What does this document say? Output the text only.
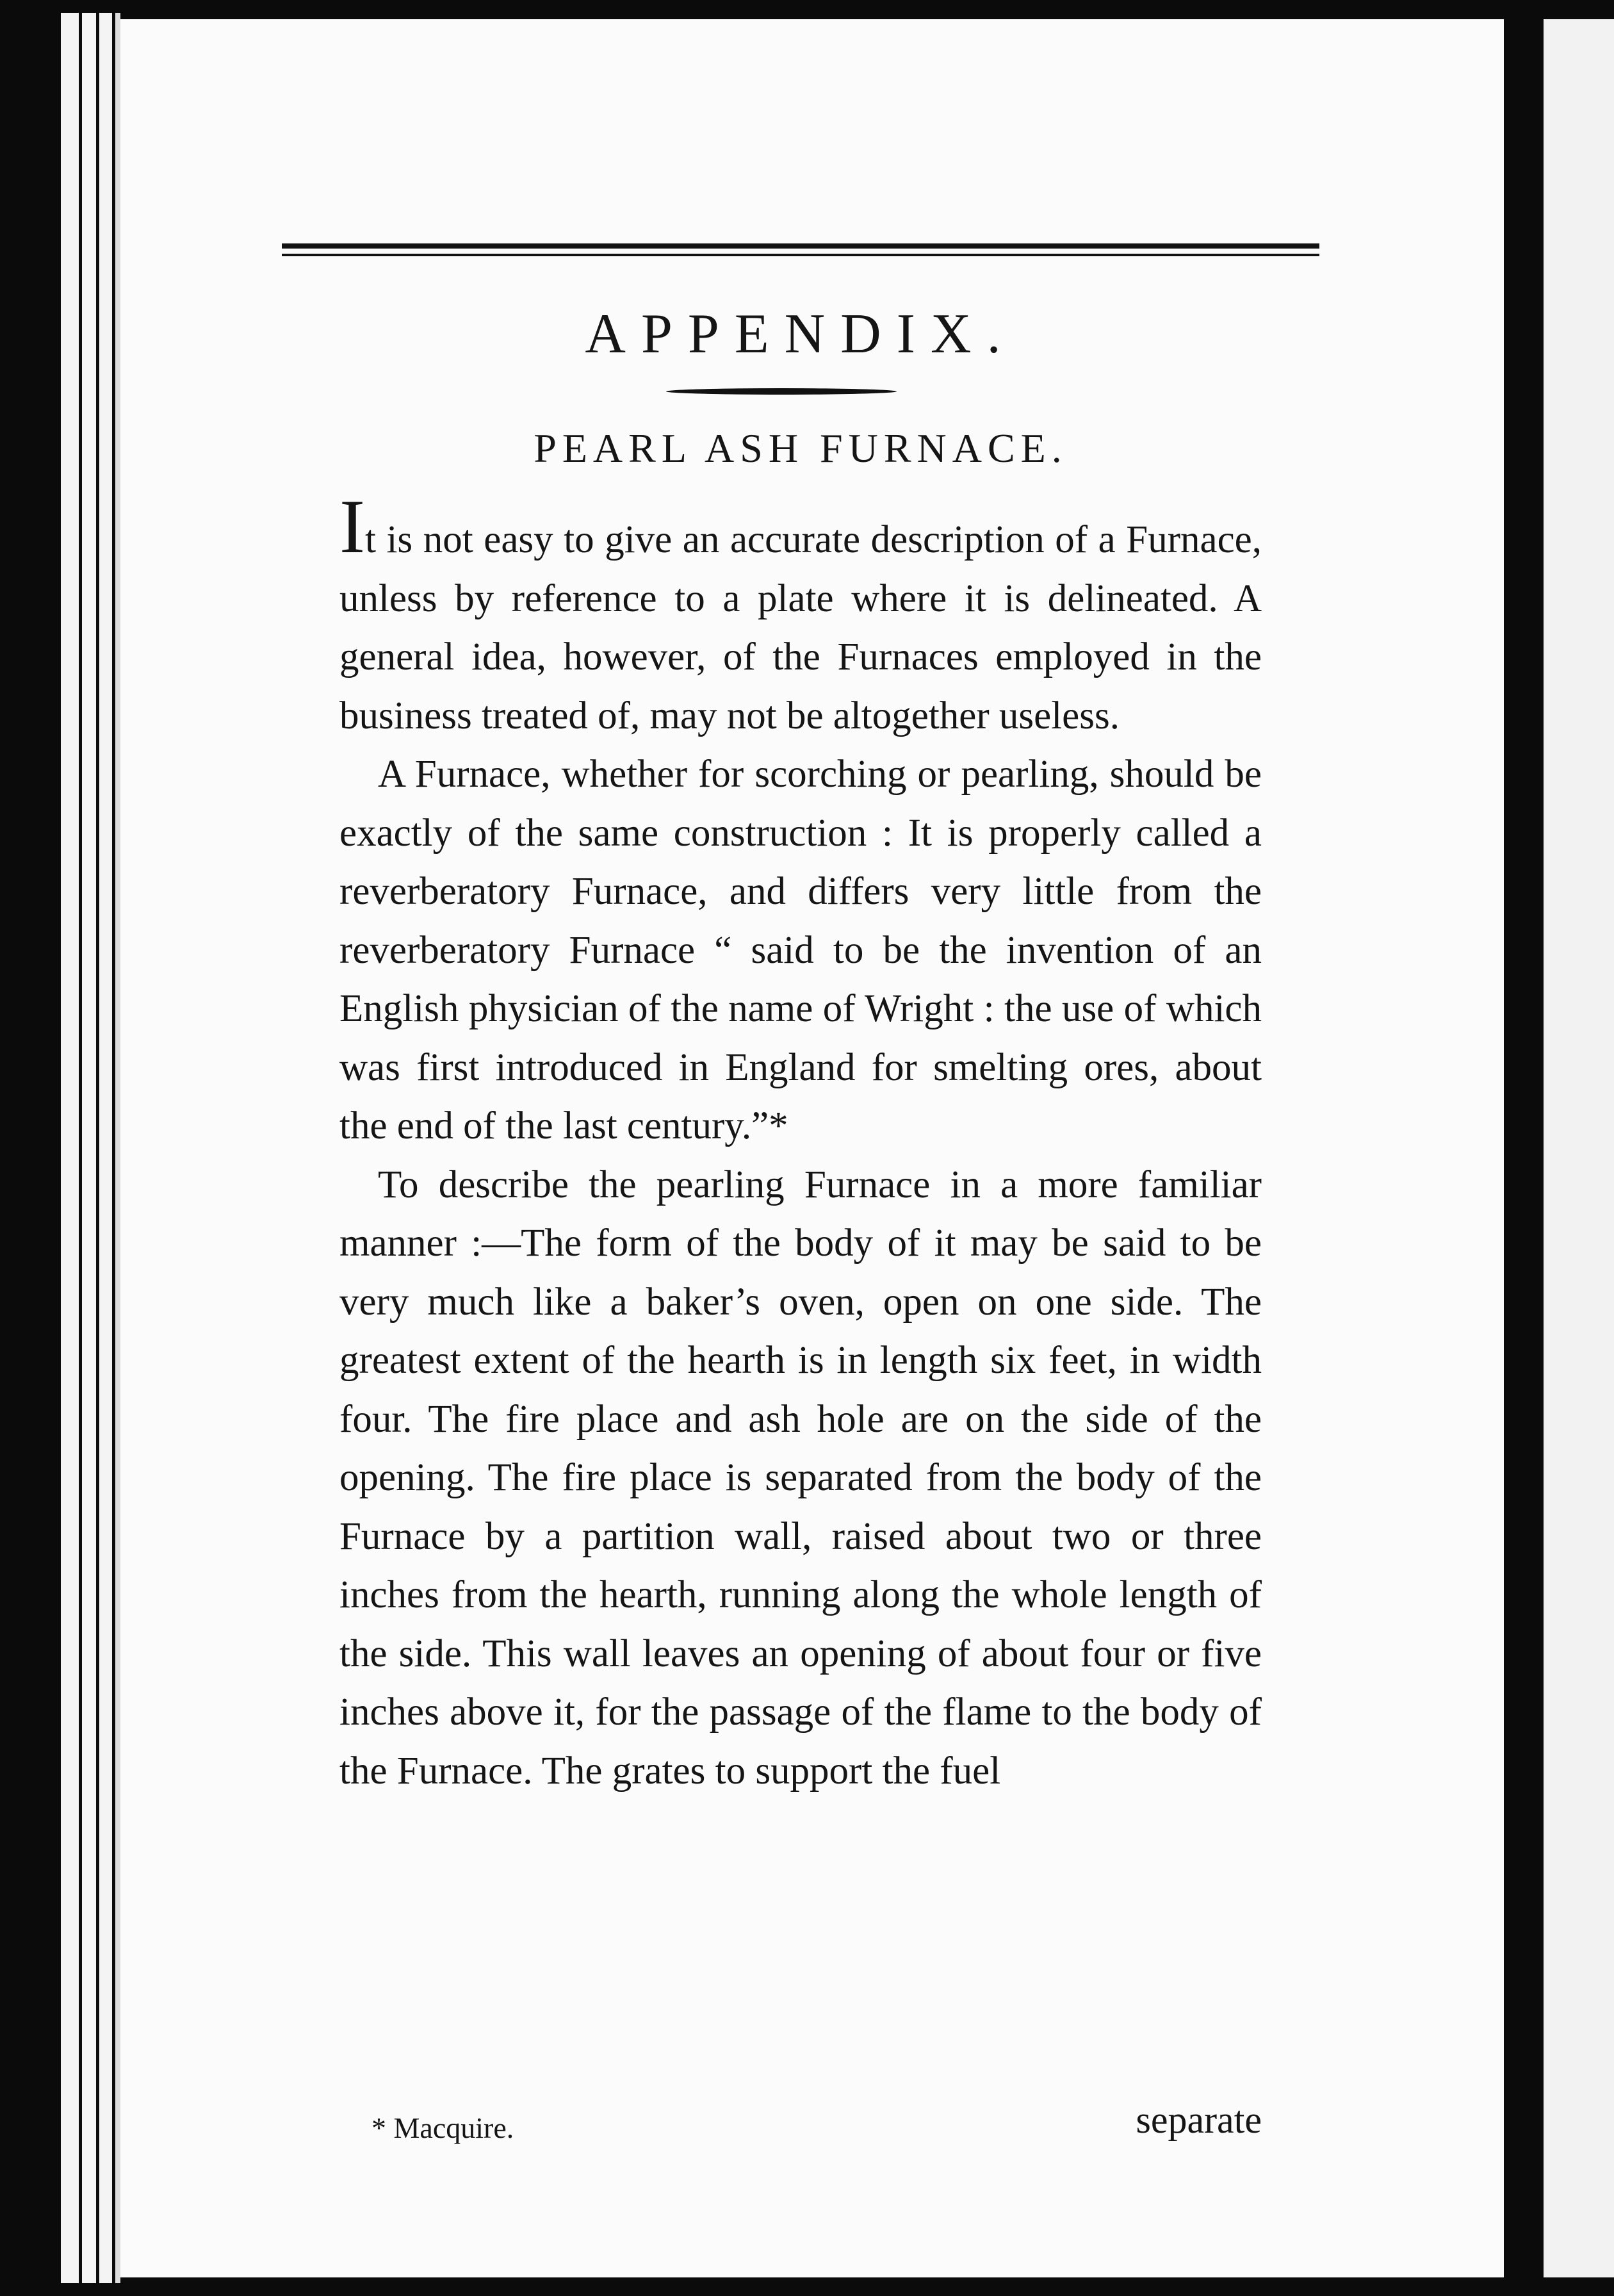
APPENDIX.
PEARL ASH FURNACE.

It is not easy to give an accurate description of a Furnace, unless by reference to a plate where it is delineated. A general idea, however, of the Furnaces employed in the business treated of, may not be altogether useless.

A Furnace, whether for scorching or pearling, should be exactly of the same construction : It is properly called a reverberatory Furnace, and differs very little from the reverberatory Furnace “ said to be the invention of an English physician of the name of Wright : the use of which was first introduced in England for smelting ores, about the end of the last century.”*

To describe the pearling Furnace in a more familiar manner :—The form of the body of it may be said to be very much like a baker’s oven, open on one side. The greatest extent of the hearth is in length six feet, in width four. The fire place and ash hole are on the side of the opening. The fire place is separated from the body of the Furnace by a partition wall, raised about two or three inches from the hearth, running along the whole length of the side. This wall leaves an opening of about four or five inches above it, for the passage of the flame to the body of the Furnace. The grates to support the fuel

* Macquire.	separate
